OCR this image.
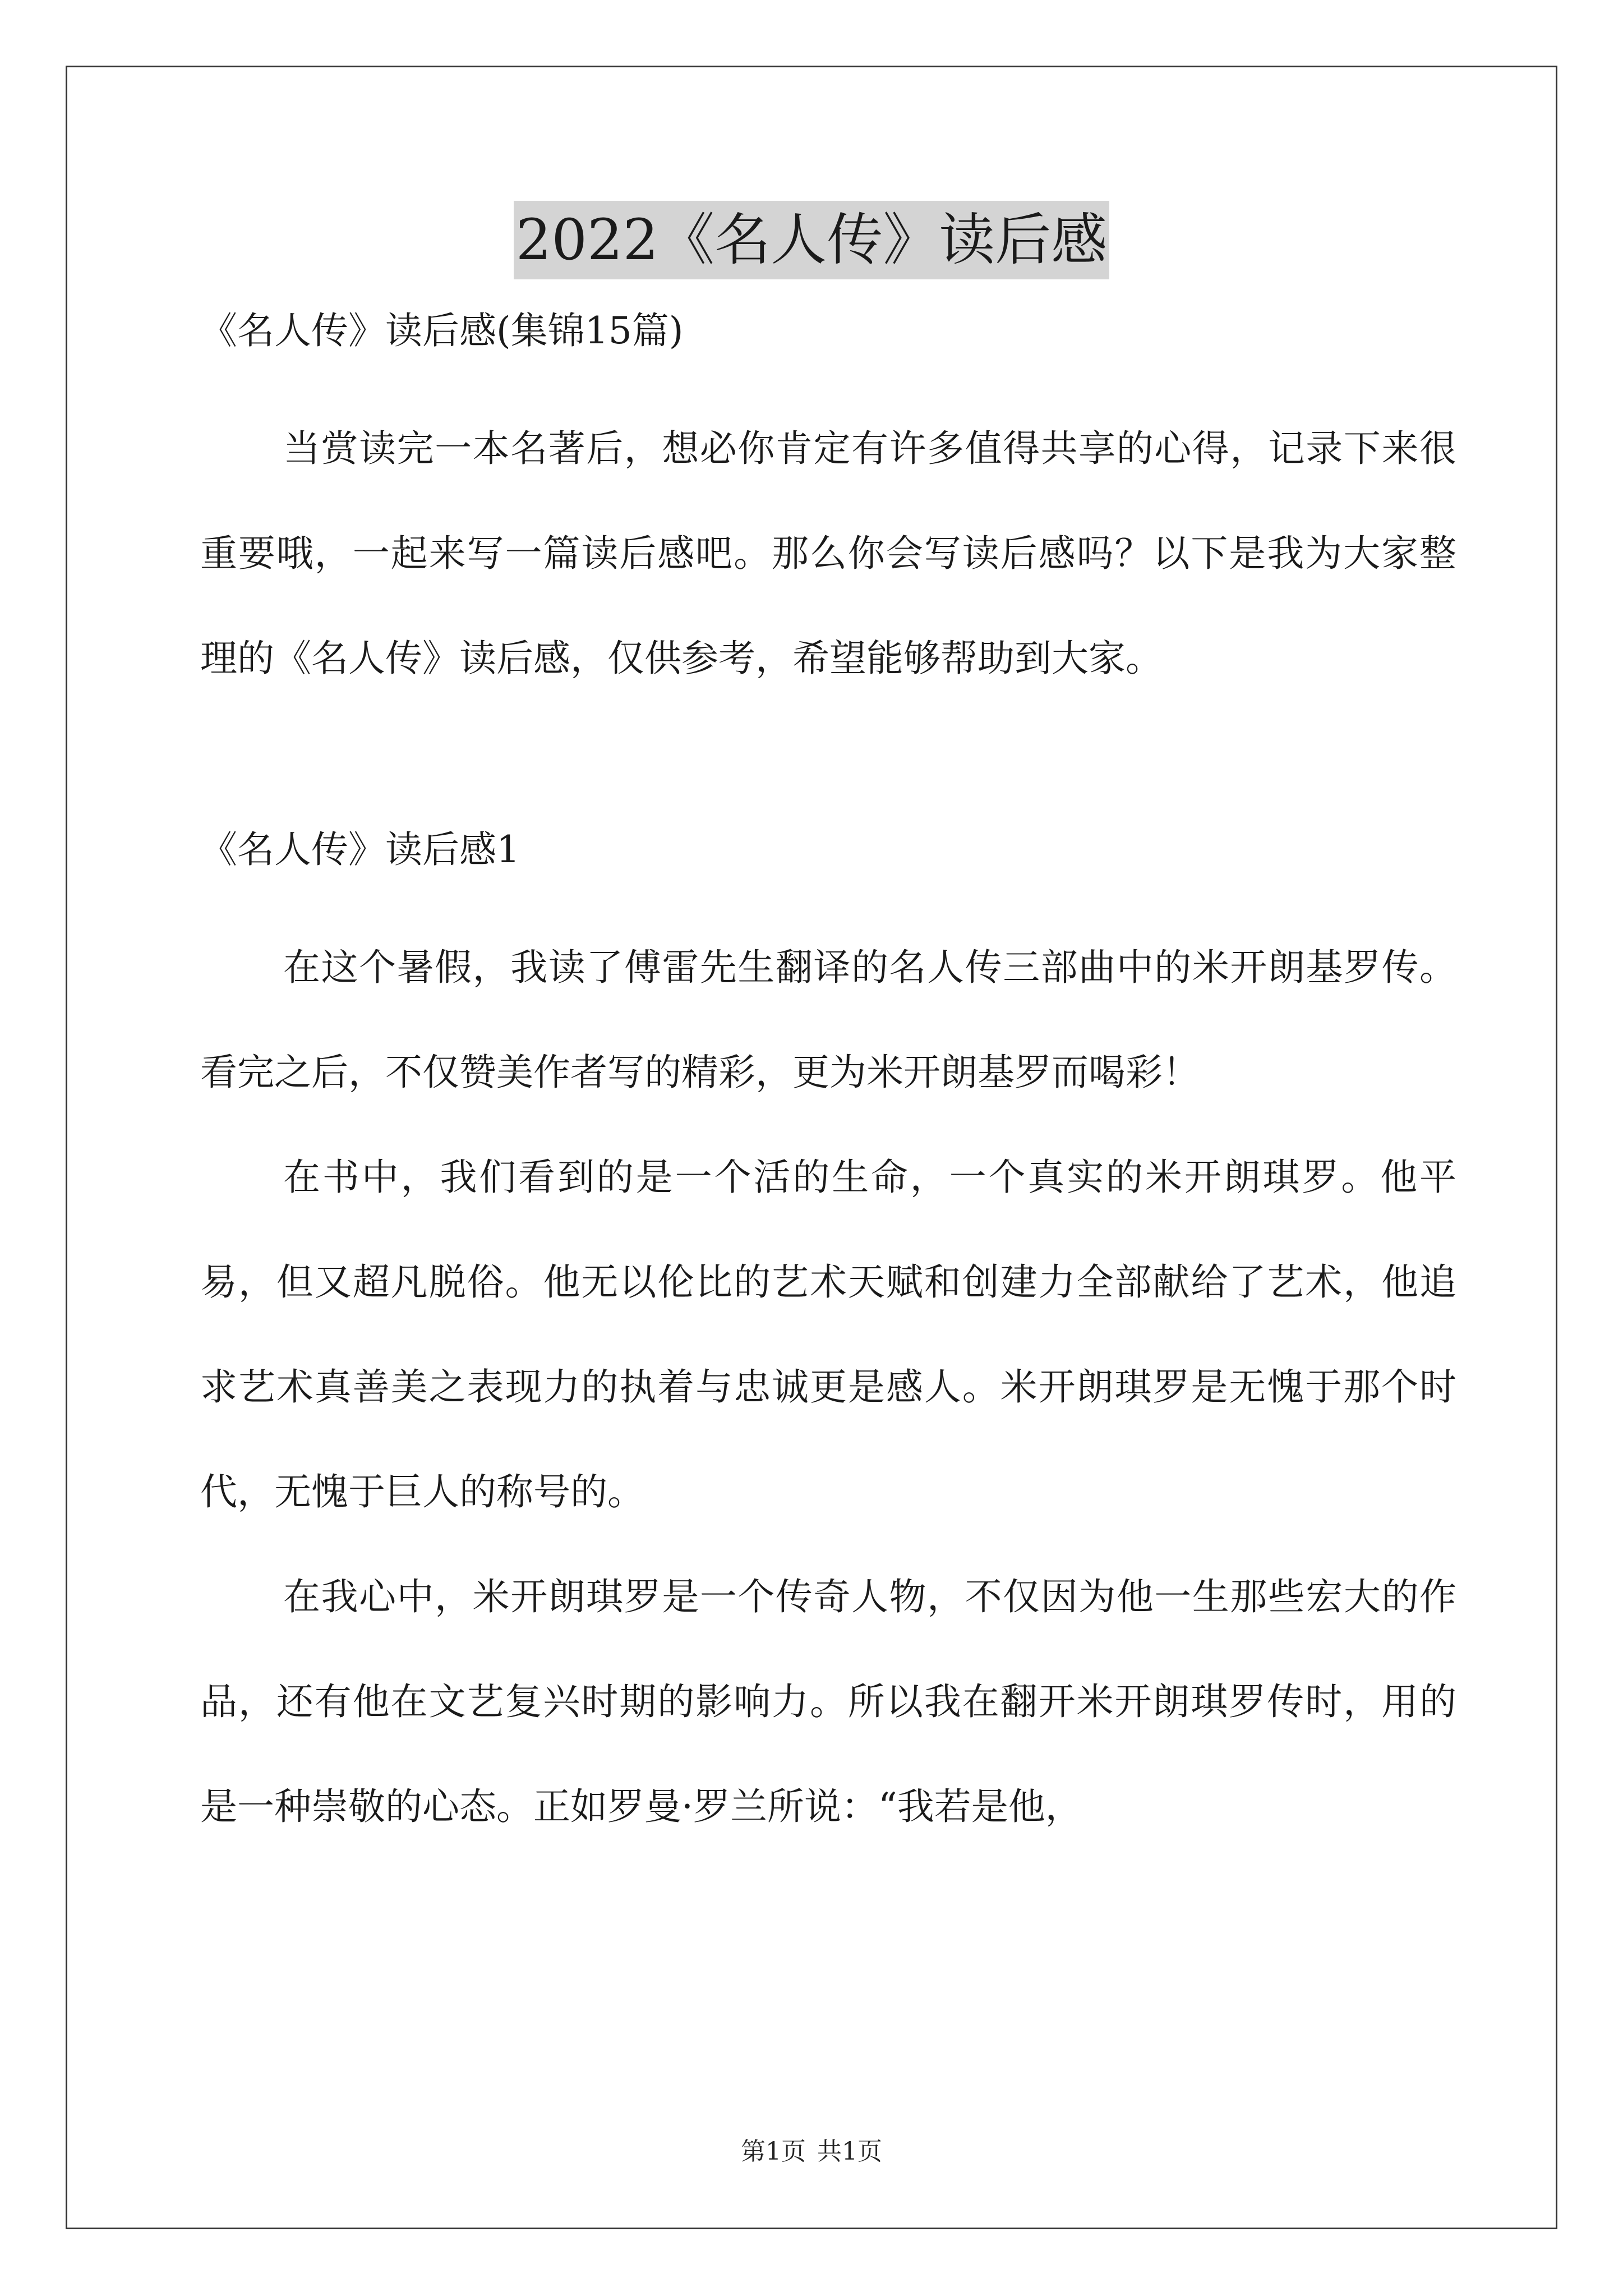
2022《名人传》读后感
《名人传》读后感(集锦15篇)

当赏读完一本名著后，想必你肯定有许多值得共享的心得，记录下来很重要哦，一起来写一篇读后感吧。那么你会写读后感吗？以下是我为大家整理的《名人传》读后感，仅供参考，希望能够帮助到大家。

《名人传》读后感1

在这个暑假，我读了傅雷先生翻译的名人传三部曲中的米开朗基罗传。看完之后，不仅赞美作者写的精彩，更为米开朗基罗而喝彩！

在书中，我们看到的是一个活的生命，一个真实的米开朗琪罗。他平易，但又超凡脱俗。他无以伦比的艺术天赋和创建力全部献给了艺术，他追求艺术真善美之表现力的执着与忠诚更是感人。米开朗琪罗是无愧于那个时代，无愧于巨人的称号的。

在我心中，米开朗琪罗是一个传奇人物，不仅因为他一生那些宏大的作品，还有他在文艺复兴时期的影响力。所以我在翻开米开朗琪罗传时，用的是一种崇敬的心态。正如罗曼·罗兰所说：“我若是他，

第1页 共1页
